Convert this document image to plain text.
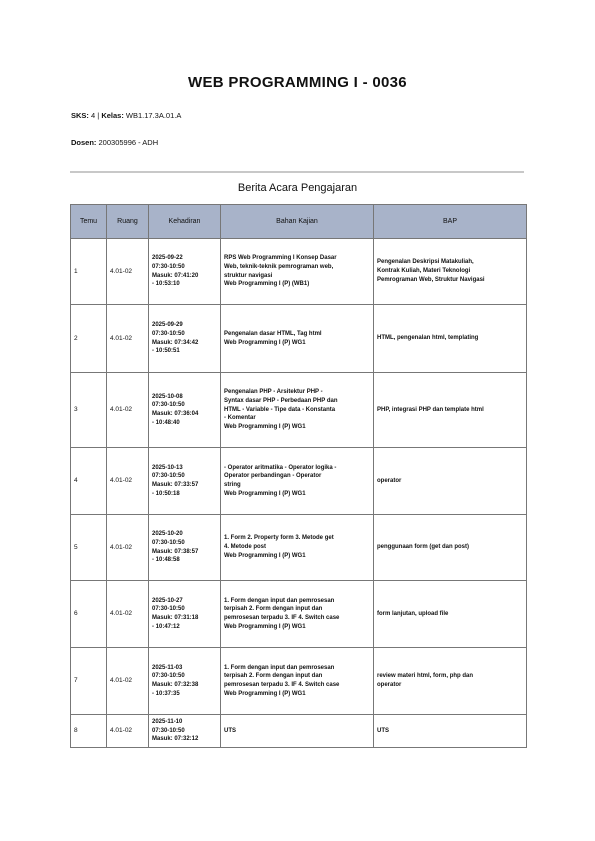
WEB PROGRAMMING I - 0036
SKS: 4 | Kelas: WB1.17.3A.01.A
Dosen: 200305996 - ADH
Berita Acara Pengajaran
Temu	Ruang	Kehadiran	Bahan Kajian	BAP
1	4.01-02	2025-09-22
07:30-10:50
Masuk: 07:41:20
- 10:53:10	RPS Web Programming I Konsep Dasar
Web, teknik-teknik pemrograman web,
struktur navigasi
Web Programming I (P) (WB1)	Pengenalan Deskripsi Matakuliah,
Kontrak Kuliah, Materi Teknologi
Pemrograman Web, Struktur Navigasi

2	4.01-02	2025-09-29
07:30-10:50
Masuk: 07:34:42
- 10:50:51	Pengenalan dasar HTML, Tag html
Web Programming I (P) WG1	HTML, pengenalan html, templating

3	4.01-02	2025-10-08
07:30-10:50
Masuk: 07:36:04
- 10:48:40	Pengenalan PHP - Arsitektur PHP -
Syntax dasar PHP - Perbedaan PHP dan
HTML - Variable - Tipe data - Konstanta
- Komentar
Web Programming I (P) WG1	PHP, integrasi PHP dan template html

4	4.01-02	2025-10-13
07:30-10:50
Masuk: 07:33:57
- 10:50:18	- Operator aritmatika - Operator logika -
Operator perbandingan - Operator
string
Web Programming I (P) WG1	operator

5	4.01-02	2025-10-20
07:30-10:50
Masuk: 07:38:57
- 10:48:58	1. Form 2. Property form 3. Metode get
4. Metode post
Web Programming I (P) WG1	penggunaan form (get dan post)

6	4.01-02	2025-10-27
07:30-10:50
Masuk: 07:31:18
- 10:47:12	1. Form dengan input dan pemrosesan
terpisah 2. Form dengan input dan
pemrosesan terpadu 3. IF 4. Switch case
Web Programming I (P) WG1	form lanjutan, upload file

7	4.01-02	2025-11-03
07:30-10:50
Masuk: 07:32:38
- 10:37:35	1. Form dengan input dan pemrosesan
terpisah 2. Form dengan input dan
pemrosesan terpadu 3. IF 4. Switch case
Web Programming I (P) WG1	review materi html, form, php dan
operator

8	4.01-02	2025-11-10
07:30-10:50
Masuk: 07:32:12	UTS	UTS
